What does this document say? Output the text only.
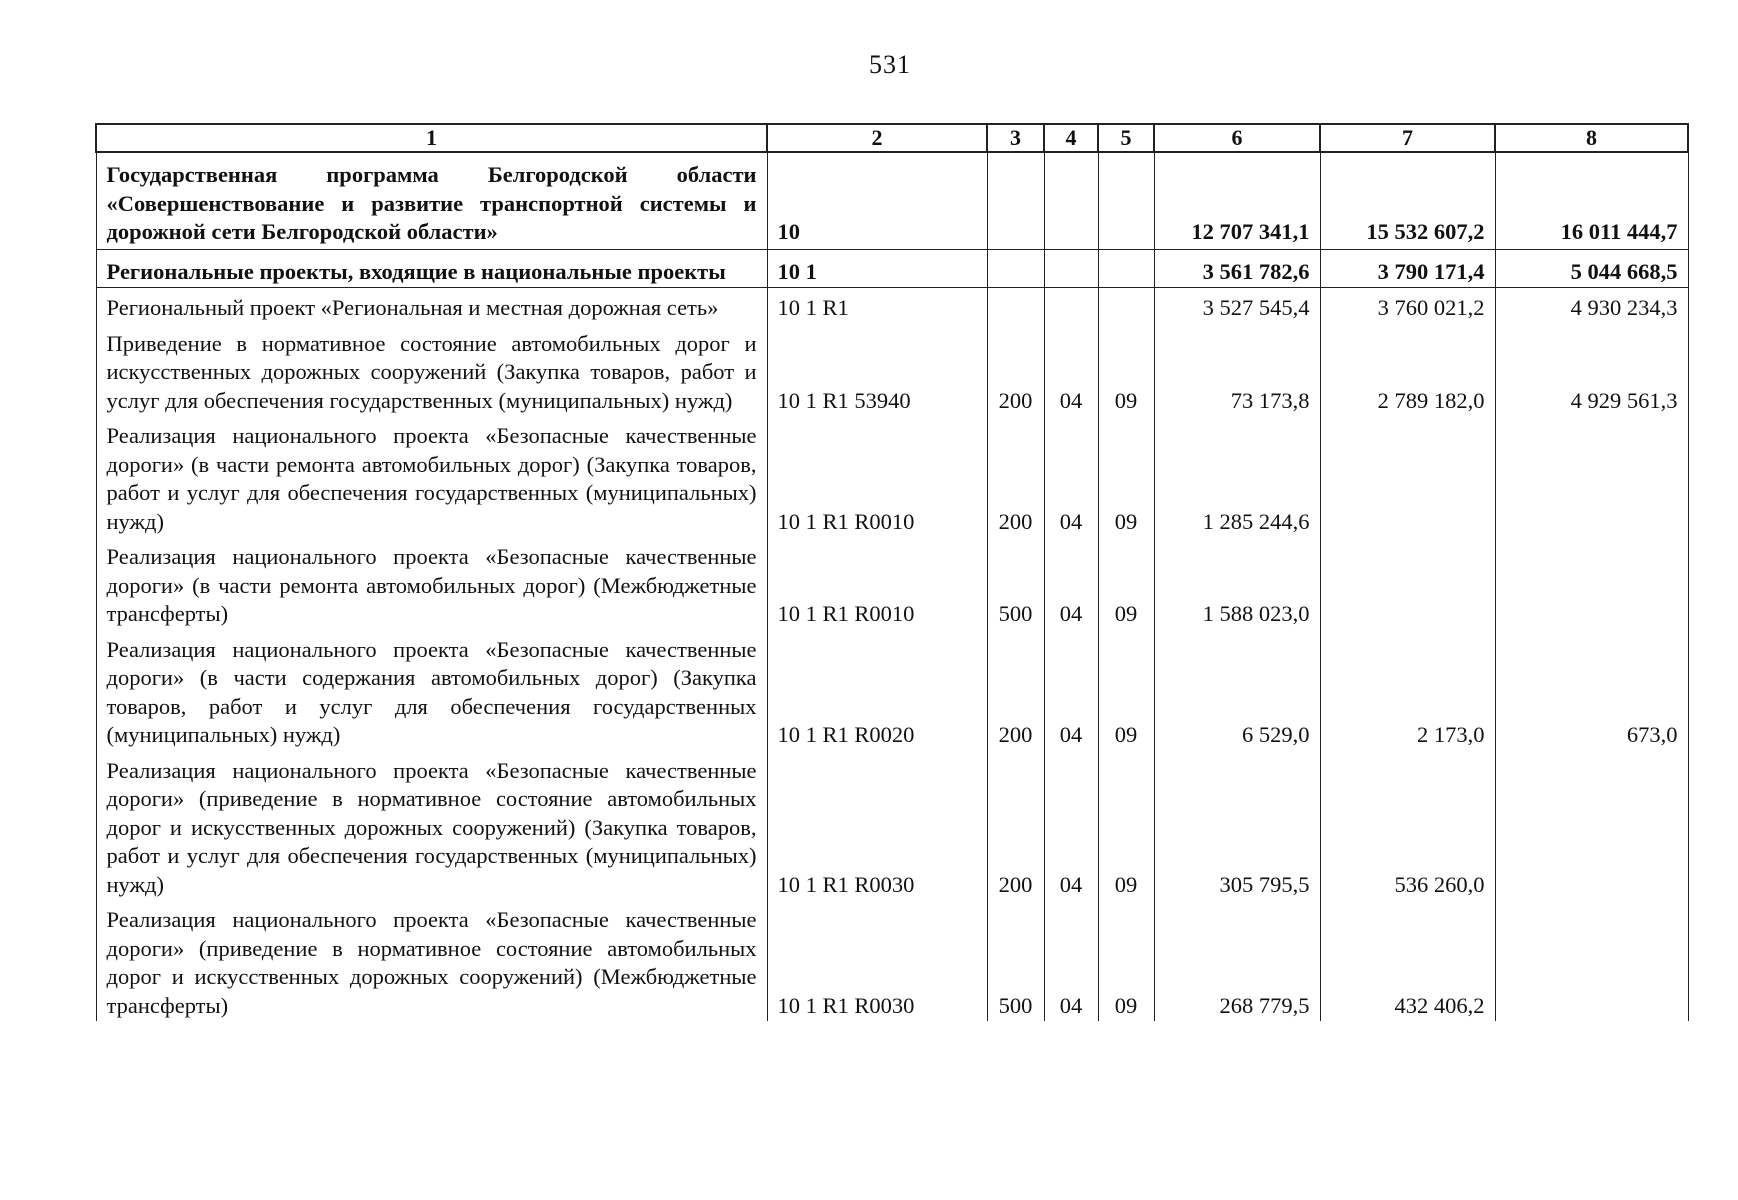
531
1	2	3	4	5	6	7	8
Государственная программа Белгородской области «Совершенствование и развитие транспортной системы и дорожной сети Белгородской области»	10				12 707 341,1	15 532 607,2	16 011 444,7
Региональные проекты, входящие в национальные проекты	10 1				3 561 782,6	3 790 171,4	5 044 668,5
Региональный проект «Региональная и местная дорожная сеть»	10 1 R1				3 527 545,4	3 760 021,2	4 930 234,3
Приведение в нормативное состояние автомобильных дорог и искусственных дорожных сооружений (Закупка товаров, работ и услуг для обеспечения государственных (муниципальных) нужд)	10 1 R1 53940	200	04	09	73 173,8	2 789 182,0	4 929 561,3
Реализация национального проекта «Безопасные качественные дороги» (в части ремонта автомобильных дорог) (Закупка товаров, работ и услуг для обеспечения государственных (муниципальных) нужд)	10 1 R1 R0010	200	04	09	1 285 244,6		
Реализация национального проекта «Безопасные качественные дороги» (в части ремонта автомобильных дорог) (Межбюджетные трансферты)	10 1 R1 R0010	500	04	09	1 588 023,0		
Реализация национального проекта «Безопасные качественные дороги» (в части содержания автомобильных дорог) (Закупка товаров, работ и услуг для обеспечения государственных (муниципальных) нужд)	10 1 R1 R0020	200	04	09	6 529,0	2 173,0	673,0
Реализация национального проекта «Безопасные качественные дороги» (приведение в нормативное состояние автомобильных дорог и искусственных дорожных сооружений) (Закупка товаров, работ и услуг для обеспечения государственных (муниципальных) нужд)	10 1 R1 R0030	200	04	09	305 795,5	536 260,0	
Реализация национального проекта «Безопасные качественные дороги» (приведение в нормативное состояние автомобильных дорог и искусственных дорожных сооружений) (Межбюджетные трансферты)	10 1 R1 R0030	500	04	09	268 779,5	432 406,2	
